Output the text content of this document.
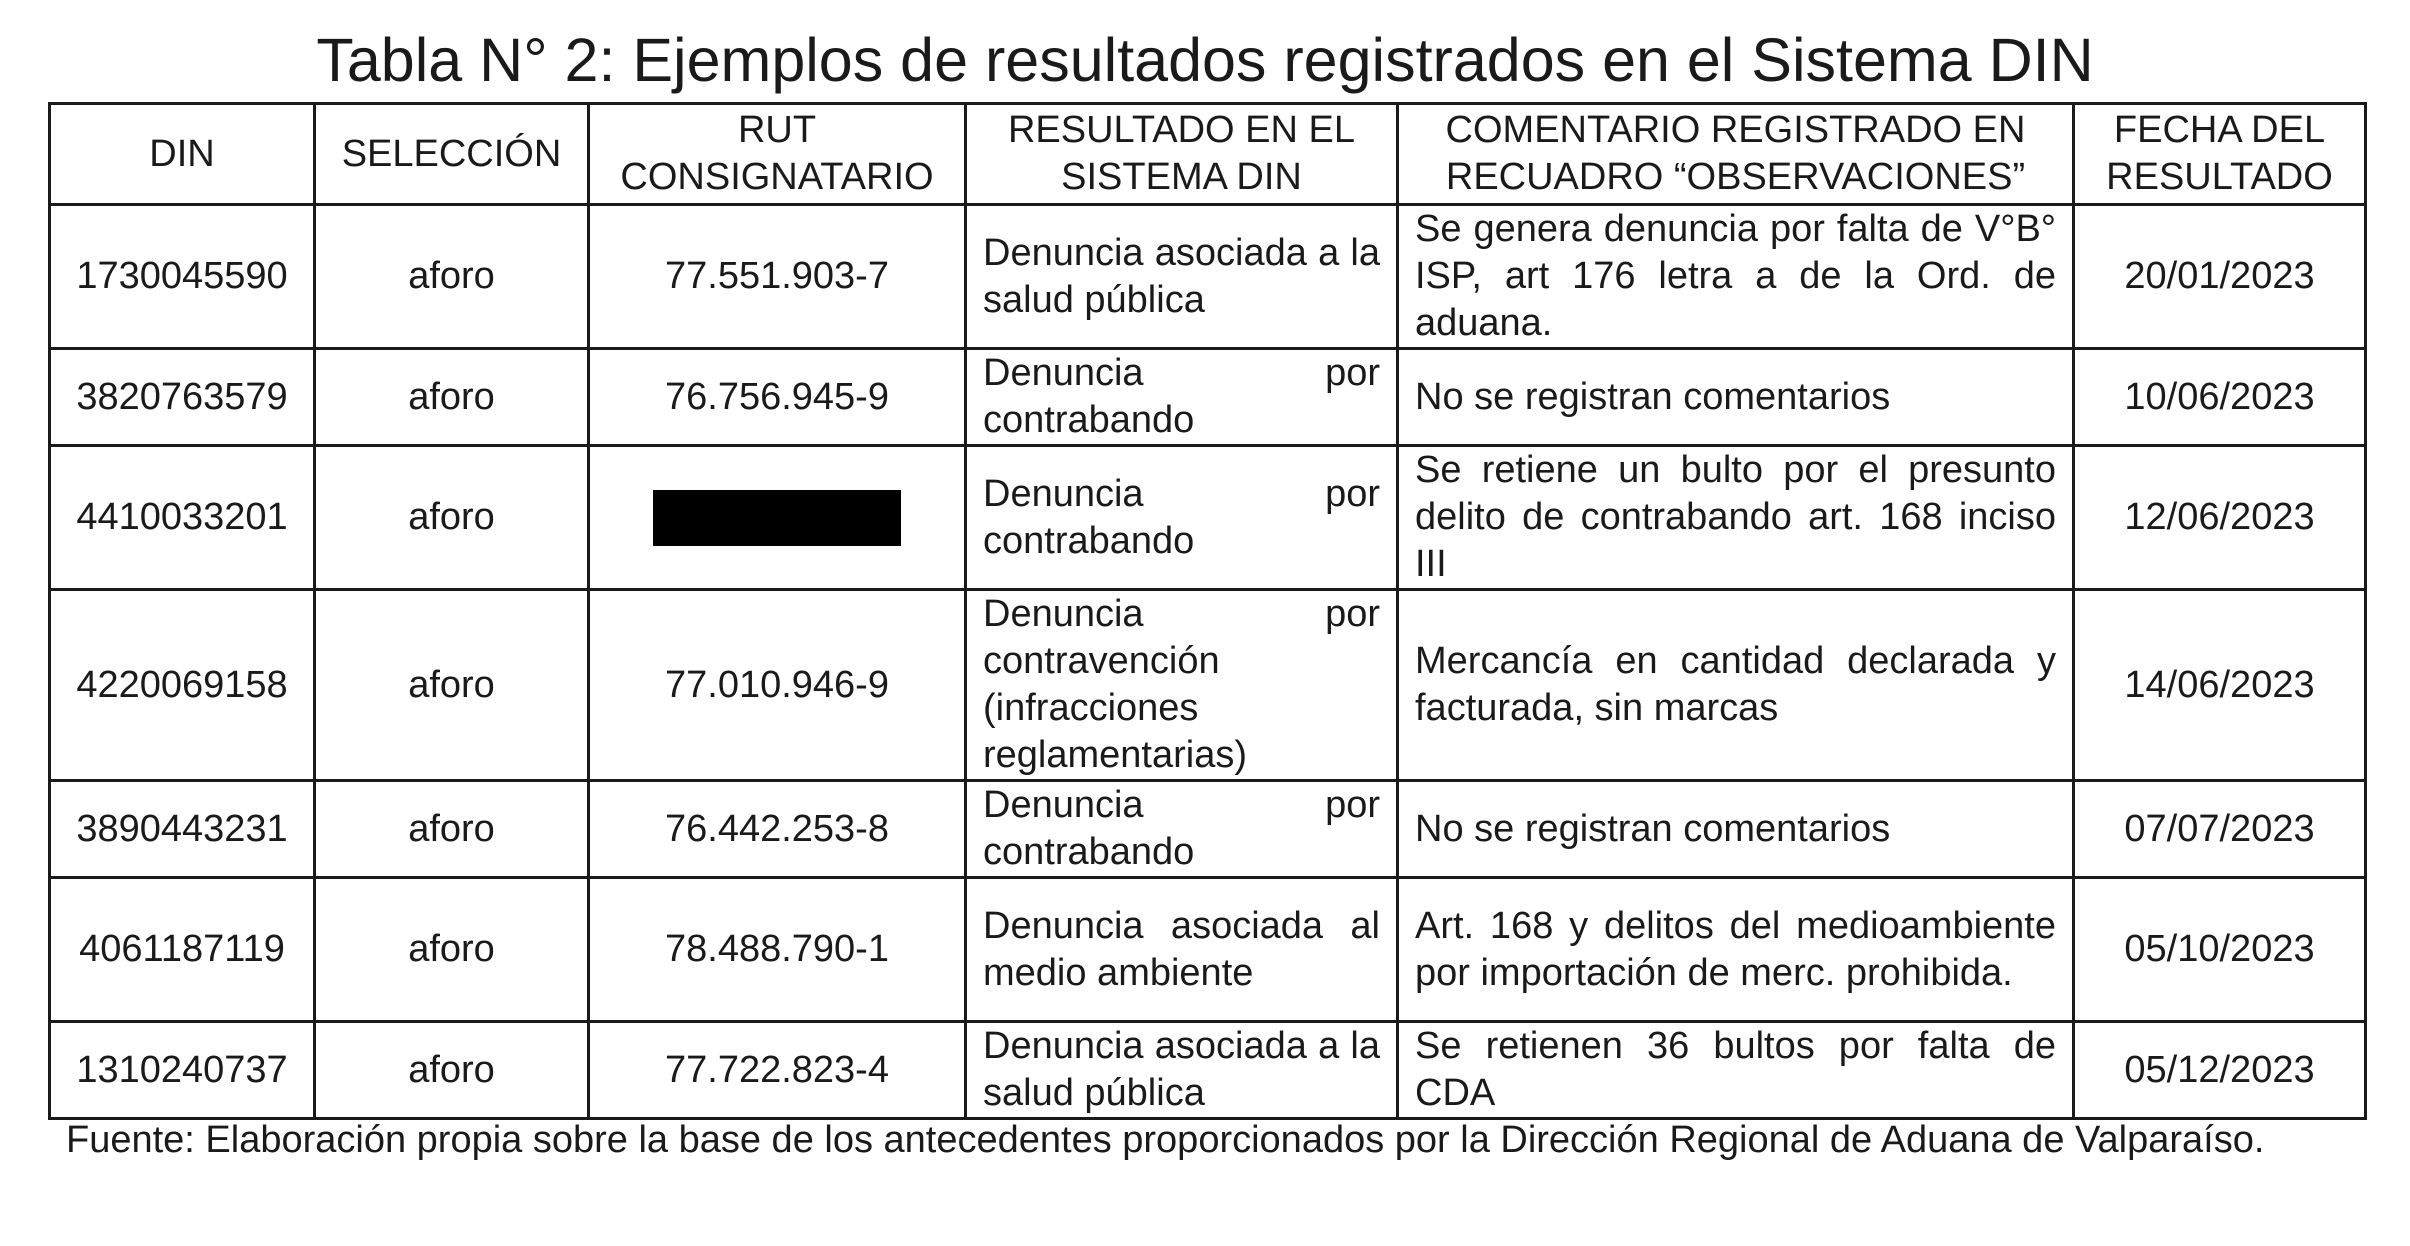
Tabla N° 2: Ejemplos de resultados registrados en el Sistema DIN
DIN	SELECCIÓN	RUT CONSIGNATARIO	RESULTADO EN EL SISTEMA DIN	COMENTARIO REGISTRADO EN RECUADRO “OBSERVACIONES”	FECHA DEL RESULTADO
1730045590	aforo	77.551.903-7	Denuncia asociada a la salud pública	Se genera denuncia por falta de V°B° ISP, art 176 letra a de la Ord. de aduana.	20/01/2023
3820763579	aforo	76.756.945-9	Denuncia por contrabando	No se registran comentarios	10/06/2023
4410033201	aforo		Denuncia por contrabando	Se retiene un bulto por el presunto delito de contrabando art. 168 inciso III	12/06/2023
4220069158	aforo	77.010.946-9	Denuncia por contravención (infracciones reglamentarias)	Mercancía en cantidad declarada y facturada, sin marcas	14/06/2023
3890443231	aforo	76.442.253-8	Denuncia por contrabando	No se registran comentarios	07/07/2023
4061187119	aforo	78.488.790-1	Denuncia asociada al medio ambiente	Art. 168 y delitos del medioambiente por importación de merc. prohibida.	05/10/2023
1310240737	aforo	77.722.823-4	Denuncia asociada a la salud pública	Se retienen 36 bultos por falta de CDA	05/12/2023
Fuente: Elaboración propia sobre la base de los antecedentes proporcionados por la Dirección Regional de Aduana de Valparaíso.
